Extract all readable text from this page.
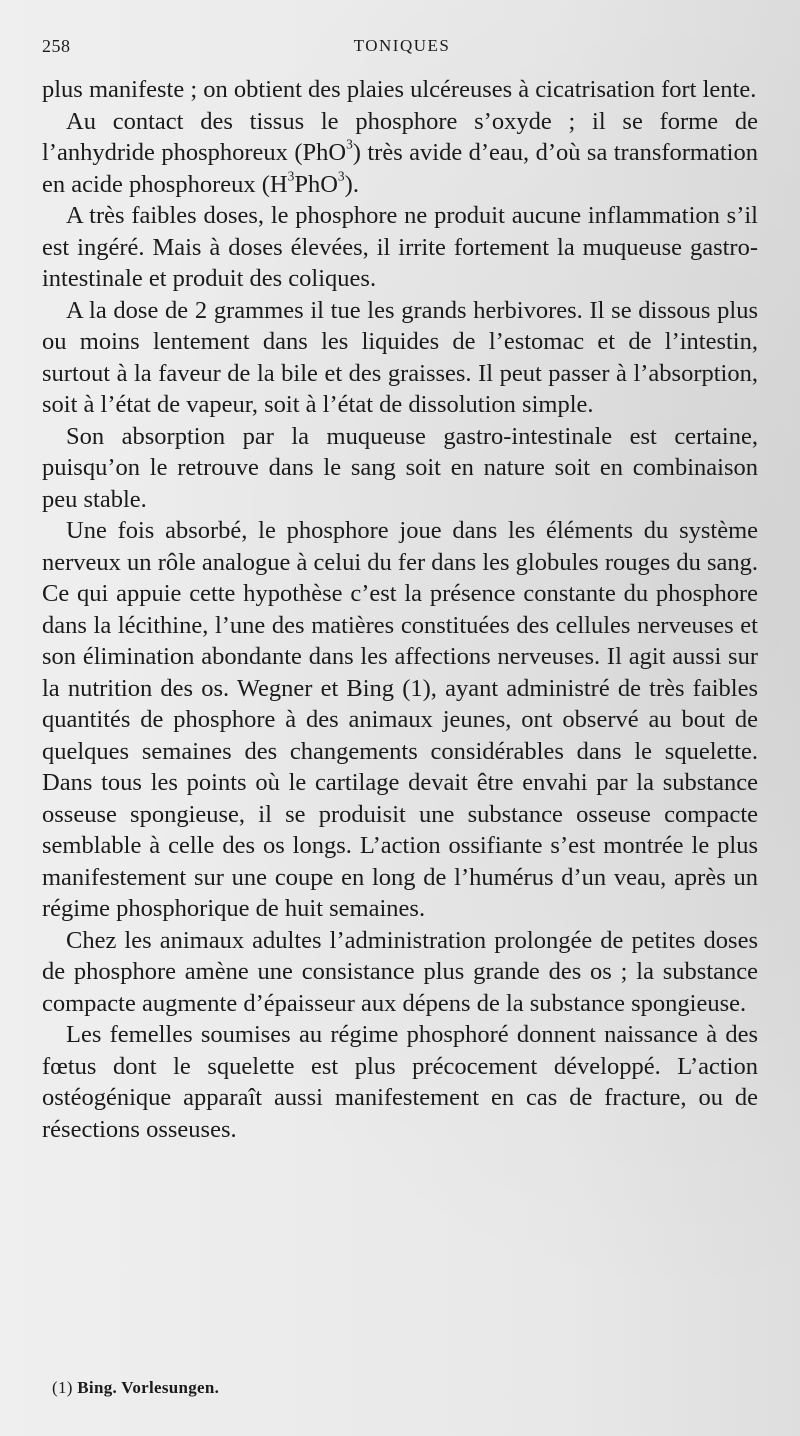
258	TONIQUES

plus manifeste ; on obtient des plaies ulcéreuses à cicatrisation fort lente.

Au contact des tissus le phosphore s’oxyde ; il se forme de l’anhydride phosphoreux (PhO$^3$) très avide d’eau, d’où sa transformation en acide phosphoreux $(H^3PhO^3)$.

A très faibles doses, le phosphore ne produit aucune inflammation s’il est ingéré. Mais à doses élevées, il irrite fortement la muqueuse gastro-intestinale et produit des coliques.

A la dose de 2 grammes il tue les grands herbivores. Il se dissous plus ou moins lentement dans les liquides de l’estomac et de l’intestin, surtout à la faveur de la bile et des graisses. Il peut passer à l’absorption, soit à l’état de vapeur, soit à l’état de dissolution simple.

Son absorption par la muqueuse gastro-intestinale est certaine, puisqu’on le retrouve dans le sang soit en nature soit en combinaison peu stable.

Une fois absorbé, le phosphore joue dans les éléments du système nerveux un rôle analogue à celui du fer dans les globules rouges du sang. Ce qui appuie cette hypothèse c’est la présence constante du phosphore dans la lécithine, l’une des matières constituées des cellules nerveuses et son élimination abondante dans les affections nerveuses. Il agit aussi sur la nutrition des os. Wegner et Bing (1), ayant administré de très faibles quantités de phosphore à des animaux jeunes, ont observé au bout de quelques semaines des changements considérables dans le squelette. Dans tous les points où le cartilage devait être envahi par la substance osseuse spongieuse, il se produisit une substance osseuse compacte semblable à celle des os longs. L’action ossifiante s’est montrée le plus manifestement sur une coupe en long de l’humérus d’un veau, après un régime phosphorique de huit semaines.

Chez les animaux adultes l’administration prolongée de petites doses de phosphore amène une consistance plus grande des os ; la substance compacte augmente d’épaisseur aux dépens de la substance spongieuse.

Les femelles soumises au régime phosphoré donnent naissance à des fœtus dont le squelette est plus précocement développé. L’action ostéogénique apparaît aussi manifestement en cas de fracture, ou de résections osseuses.

(1) Bing. Vorlesungen.
